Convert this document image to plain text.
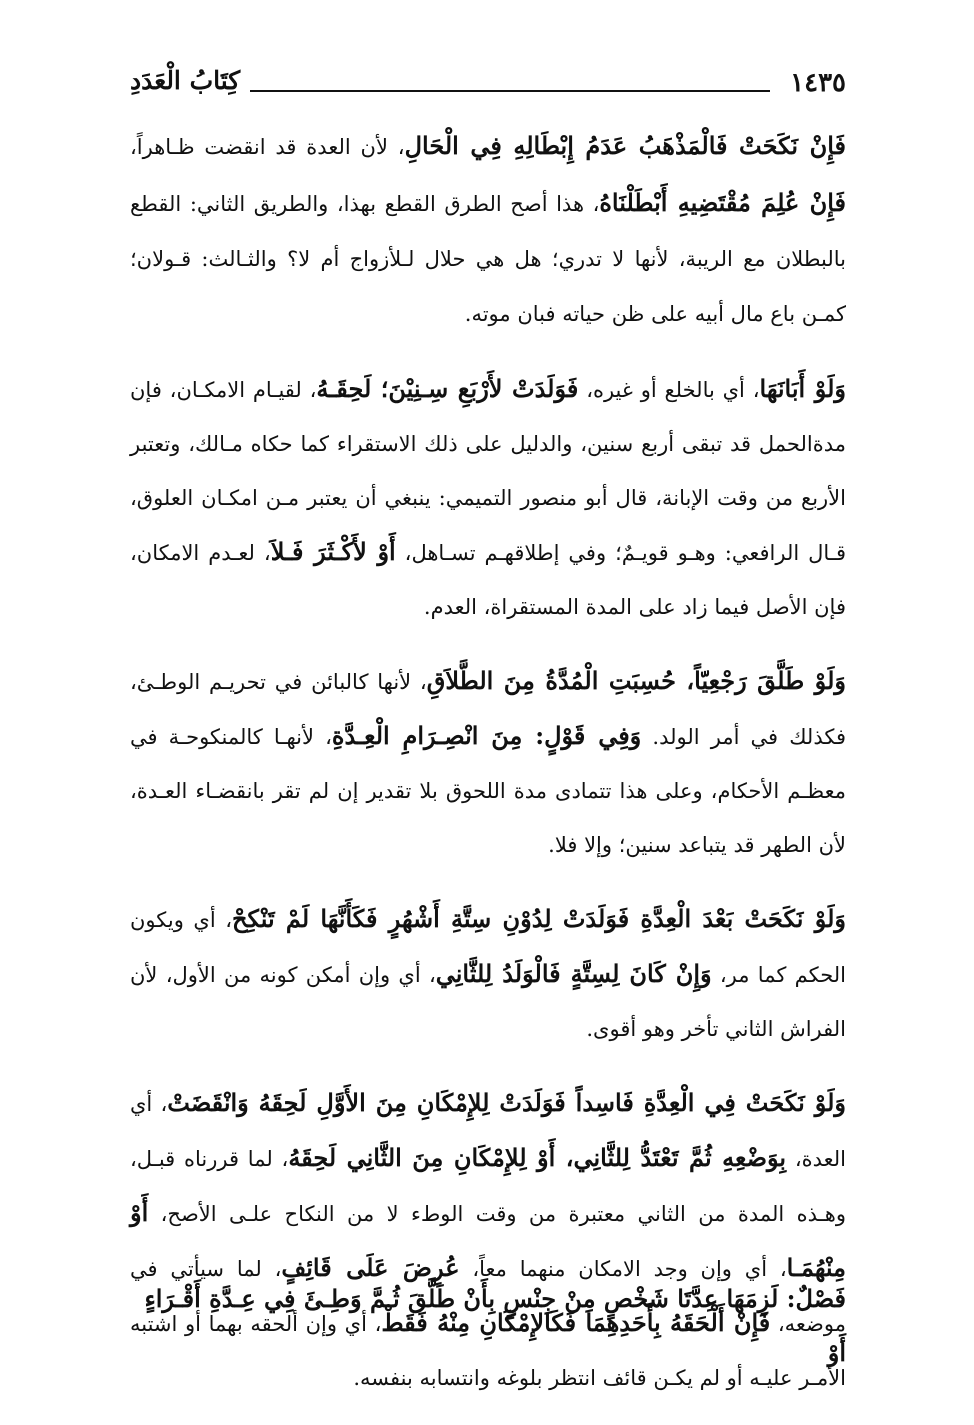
١٤٣٥
كِتَابُ الْعَدَدِ

فَإِنْ نَكَحَتْ فَالْمَذْهَبُ عَدَمُ إِبْطَالِهِ فِي الْحَالِ، لأن العدة قد انقضت ظـاهراً، فَإِنْ عُلِمَ مُقْتَضِيهِ أَبْطَلْنَاهُ، هذا أصح الطرق القطع بهذا، والطريق الثاني: القطع بالبطلان مع الريبة، لأنها لا تدري؛ هل هي حلال لـلأزواج أم لا؟ والثـالث: قـولان؛ كمـن باع مال أبيه على ظن حياته فبان موته.

وَلَوْ أَبَانَهَا، أي بالخلع أو غيره، فَوَلَدَتْ لأَرْبَعِ سِـنِيْنَ؛ لَحِقَـهُ، لقيـام الامكـان، فإن مدةالحمل قد تبقى أربع سنين، والدليل على ذلك الاستقراء كما حكاه مـالك، وتعتبر الأربع من وقت الإبانة، قال أبو منصور التميمي: ينبغي أن يعتبر مـن امكـان العلوق، قـال الرافعي: وهـو قويـمٌ؛ وفي إطلاقهـم تسـاهل، أَوْ لأَكْـثَرَ فَـلاَ، لعـدم الامكان، فإن الأصل فيما زاد على المدة المستقراة، العدم.

وَلَوْ طَلَّقَ رَجْعِيّاً، حُسِبَتِ الْمُدَّةُ مِنَ الطَّلاَقِ، لأنها كالبائن في تحريـم الوطـئ، فكذلك في أمر الولد. وَفِي قَوْلٍ: مِنَ انْصِـرَامِ الْعِـدَّةِ، لأنهـا كالمنكوحـة في معظـم الأحكام، وعلى هذا تتمادى مدة اللحوق بلا تقدير إن لم تقر بانقضـاء العـدة، لأن الطهر قد يتباعد سنين؛ وإلا فلا.

وَلَوْ نَكَحَتْ بَعْدَ الْعِدَّةِ فَوَلَدَتْ لِدُوْنِ سِتَّةِ أَشْهُرٍ فَكَأَنَّهَا لَمْ تَنْكِحْ، أي ويكون الحكم كما مر، وَإِنْ كَانَ لِسِتَّةٍ فَالْوَلَدُ لِلثَّانِي، أي وإن أمكن كونه من الأول، لأن الفراش الثاني تأخر وهو أقوى.

وَلَوْ نَكَحَتْ فِي الْعِدَّةِ فَاسِداً فَوَلَدَتْ لِلإِمْكَانِ مِنَ الأَوَّلِ لَحِقَهُ وَانْقَضَتْ، أي العدة، بِوَضْعِهِ ثُمَّ تَعْتَدُّ لِلثَّانِي، أَوْ لِلإِمْكَانِ مِنَ الثَّانِي لَحِقَهُ، لما قررناه قبـل، وهـذه المدة من الثاني معتبرة من وقت الوطء لا من النكاح علـى الأصح، أَوْ مِنْهُمَـا، أي وإن وجد الامكان منهما معاً، عُرِضَ عَلَى قَائِفٍ، لما سيأتي في موضعه، فَإِنْ أَلْحَقَهُ بِأَحَدِهِمَا فَكَالإِمْكَانِ مِنْهُ فَقَطْ، أي وإن ألحقه بهما أو اشتبه الأمـر عليـه أو لم يكـن قائف انتظر بلوغه وانتسابه بنفسه.

فَصْلٌ: لَزِمَهَا عِدَّتَا شَخْصٍ مِنْ جِنْسٍ بِأَنْ طَلَّقَ ثُـمَّ وَطِـئَ فِي عِـدَّةِ أَقْـرَاءٍ أَوْ
